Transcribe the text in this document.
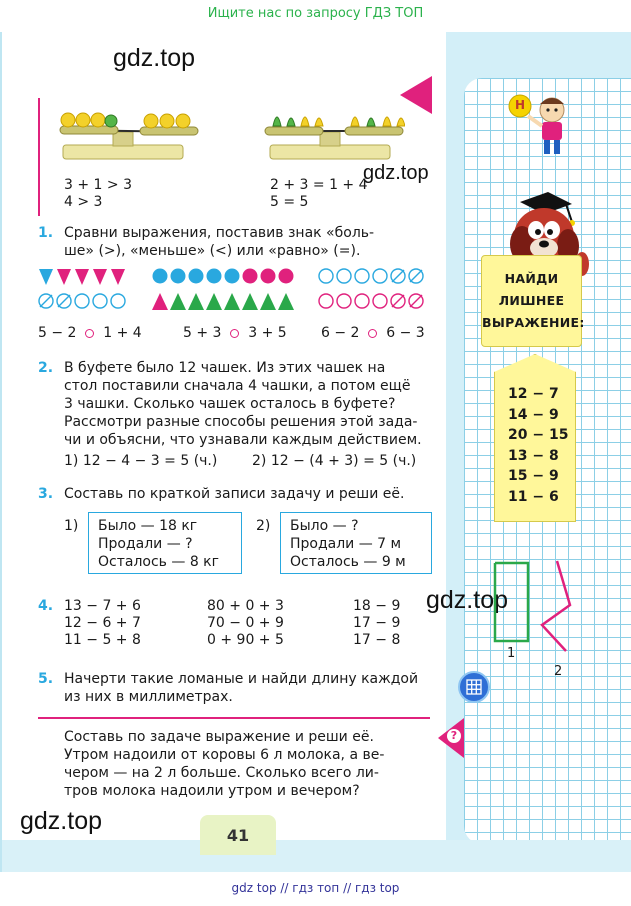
Ищите нас по запросу ГДЗ ТОП
gdz top // гдз топ // гдз top
3 + 1 > 3
4 > 3
2 + 3 = 1 + 4
5 = 5
gdz.top
gdz.top
gdz.top
gdz.top
1. Сравни выражения, поставив знак «боль-
ше» (>), «меньше» (<) или «равно» (=).
5 − 2 1 + 4	5 + 3 3 + 5 6 − 2 6 − 3
2. В буфете было 12 чашек. Из этих чашек на
стол поставили сначала 4 чашки, а потом ещё
3 чашки. Сколько чашек осталось в буфете?
Рассмотри разные способы решения этой зада-
чи и объясни, что узнавали каждым действием.
1) 12 − 4 − 3 = 5 (ч.) 2) 12 − (4 + 3) = 5 (ч.)
3. Составь по краткой записи задачу и реши её.
1) Было — 18 кг
Продали — ?
Осталось — 8 кг
2) Было — ?
Продали — 7 м
Осталось — 9 м
4. 13 − 7 + 6
12 − 6 + 7
11 − 5 + 8
80 + 0 + 3
70 − 0 + 9
0 + 90 + 5
18 − 9
17 − 9
17 − 8
5. Начерти такие ломаные и найди длину каждой
из них в миллиметрах.
?
Составь по задаче выражение и реши её.
Утром надоили от коровы 6 л молока, а ве-
чером — на 2 л больше. Сколько всего ли-
тров молока надоили утром и вечером?
41
Н
НАЙДИ
ЛИШНЕЕ
ВЫРАЖЕНИЕ:
12 − 7
14 − 9
20 − 15
13 − 8
15 − 9
11 − 6
1
2
